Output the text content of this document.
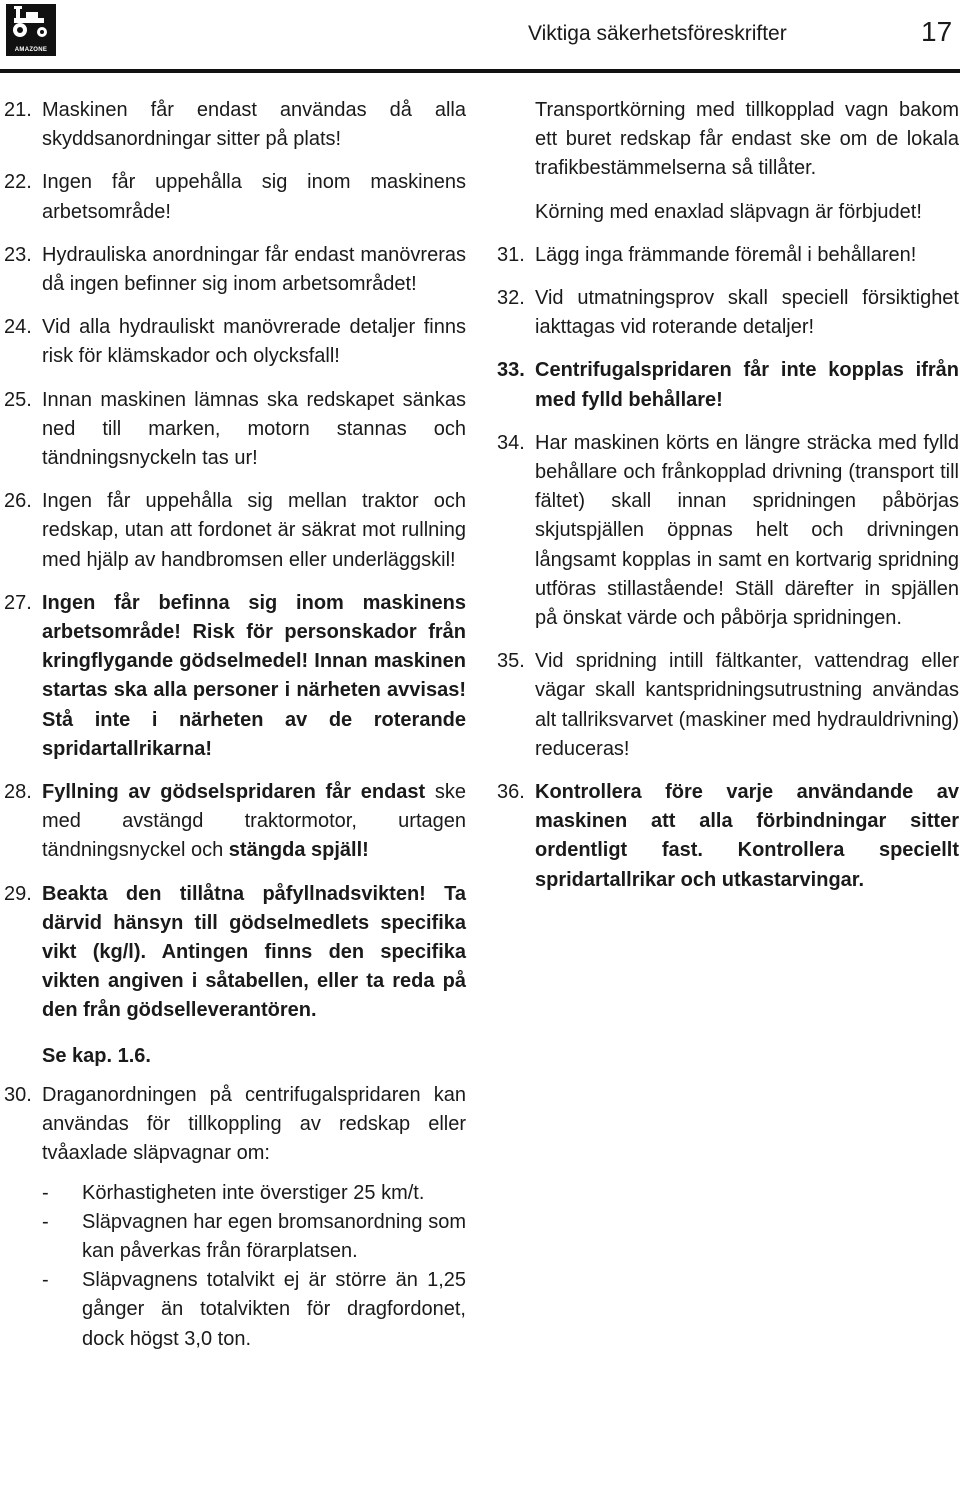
AMAZONE
Viktiga säkerhetsföreskrifter	17
21. Maskinen får endast användas då alla skyddsanordningar sitter på plats!
22. Ingen får uppehålla sig inom maskinens arbetsområde!
23. Hydrauliska anordningar får endast manövreras då ingen befinner sig inom arbetsområdet!
24. Vid alla hydrauliskt manövrerade detaljer finns risk för klämskador och olycksfall!
25. Innan maskinen lämnas ska redskapet sänkas ned till marken, motorn stannas och tändningsnyckeln tas ur!
26. Ingen får uppehålla sig mellan traktor och redskap, utan att fordonet är säkrat mot rullning med hjälp av handbromsen eller underläggskil!
27. Ingen får befinna sig inom maskinens arbetsområde! Risk för personskador från kringflygande gödselmedel! Innan maskinen startas ska alla personer i närheten avvisas! Stå inte i närheten av de roterande spridartallrikarna!
28. Fyllning av gödselspridaren får endast ske med avstängd traktormotor, urtagen tändningsnyckel och stängda spjäll!
29. Beakta den tillåtna påfyllnadsvikten! Ta därvid hänsyn till gödselmedlets specifika vikt (kg/l). Antingen finns den specifika vikten angiven i såtabellen, eller ta reda på den från gödselleverantören.
Se kap. 1.6.
30. Draganordningen på centrifugalspridaren kan användas för tillkoppling av redskap eller tvåaxlade släpvagnar om:
-	Körhastigheten inte överstiger 25 km/t.
-	Släpvagnen har egen bromsanordning som kan påverkas från förarplatsen.
-	Släpvagnens totalvikt ej är större än 1,25 gånger än totalvikten för dragfordonet, dock högst 3,0 ton.
Transportkörning med tillkopplad vagn bakom ett buret redskap får endast ske om de lokala trafikbestämmelserna så tillåter.
Körning med enaxlad släpvagn är förbjudet!
31. Lägg inga främmande föremål i behållaren!
32. Vid utmatningsprov skall speciell försiktighet iakttagas vid roterande detaljer!
33. Centrifugalspridaren får inte kopplas ifrån med fylld behållare!
34. Har maskinen körts en längre sträcka med fylld behållare och frånkopplad drivning (transport till fältet) skall innan spridningen påbörjas skjutspjällen öppnas helt och drivningen långsamt kopplas in samt en kortvarig spridning utföras stillastående! Ställ därefter in spjällen på önskat värde och påbörja spridningen.
35. Vid spridning intill fältkanter, vattendrag eller vägar skall kantspridningsutrustning användas alt tallriksvarvet (maskiner med hydrauldrivning) reduceras!
36. Kontrollera före varje användande av maskinen att alla förbindningar sitter ordentligt fast. Kontrollera speciellt spridartallrikar och utkastarvingar.
